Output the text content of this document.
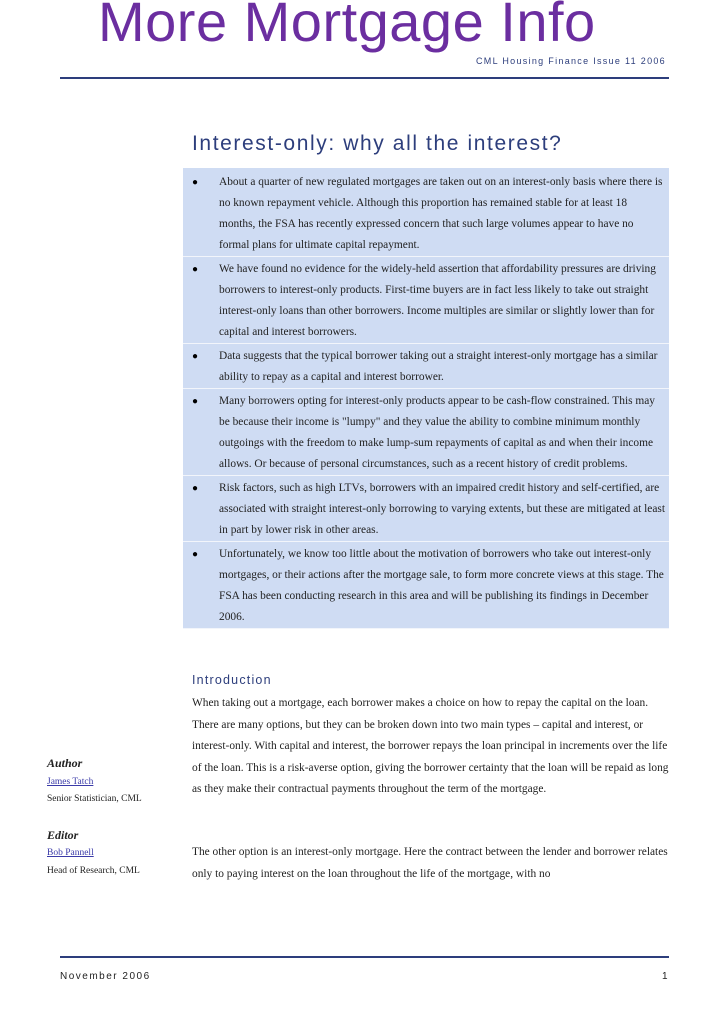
More Mortgage Info
CML Housing Finance Issue 11 2006
Interest-only: why all the interest?
● About a quarter of new regulated mortgages are taken out on an interest-only basis where there is no known repayment vehicle. Although this proportion has remained stable for at least 18 months, the FSA has recently expressed concern that such large volumes appear to have no formal plans for ultimate capital repayment.
● We have found no evidence for the widely-held assertion that affordability pressures are driving borrowers to interest-only products. First-time buyers are in fact less likely to take out straight interest-only loans than other borrowers. Income multiples are similar or slightly lower than for capital and interest borrowers.
● Data suggests that the typical borrower taking out a straight interest-only mortgage has a similar ability to repay as a capital and interest borrower.
● Many borrowers opting for interest-only products appear to be cash-flow constrained. This may be because their income is "lumpy" and they value the ability to combine minimum monthly outgoings with the freedom to make lump-sum repayments of capital as and when their income allows. Or because of personal circumstances, such as a recent history of credit problems.
● Risk factors, such as high LTVs, borrowers with an impaired credit history and self-certified, are associated with straight interest-only borrowing to varying extents, but these are mitigated at least in part by lower risk in other areas.
● Unfortunately, we know too little about the motivation of borrowers who take out interest-only mortgages, or their actions after the mortgage sale, to form more concrete views at this stage. The FSA has been conducting research in this area and will be publishing its findings in December 2006.
Introduction

When taking out a mortgage, each borrower makes a choice on how to repay the capital on the loan. There are many options, but they can be broken down into two main types – capital and interest, or interest-only. With capital and interest, the borrower repays the loan principal in increments over the life of the loan. This is a risk-averse option, giving the borrower certainty that the loan will be repaid as long as they make their contractual payments throughout the term of the mortgage.

The other option is an interest-only mortgage. Here the contract between the lender and borrower relates only to paying interest on the loan throughout the life of the mortgage, with no

Author
James Tatch
Senior Statistician, CML
Editor
Bob Pannell
Head of Research, CML
November 2006	1
